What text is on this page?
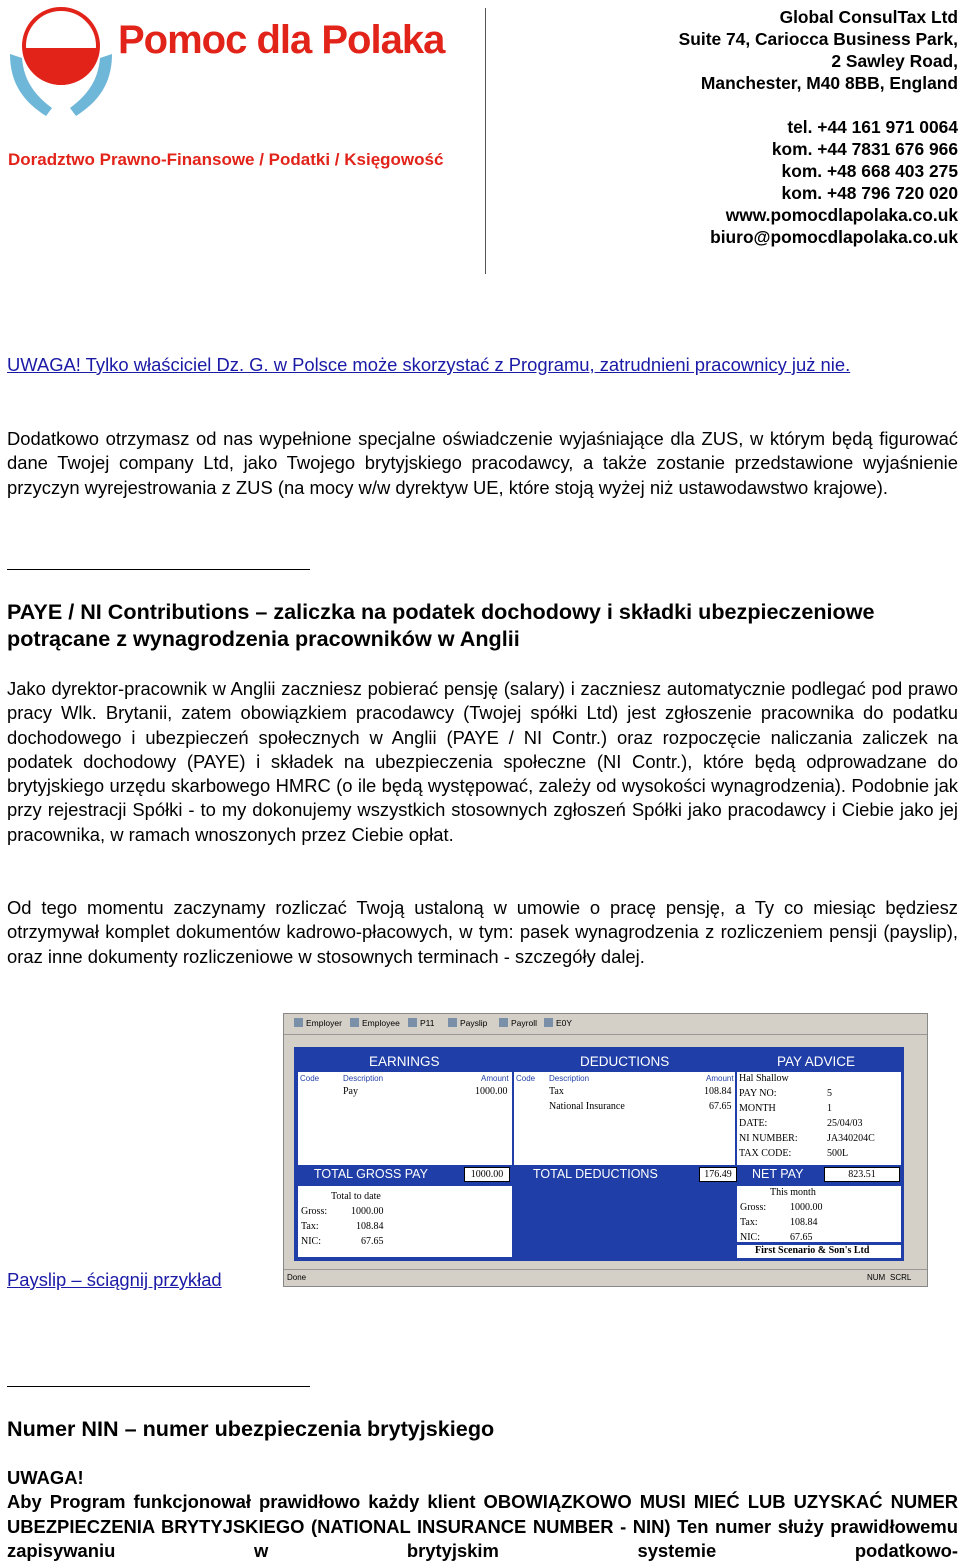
Pomoc dla Polaka
Doradztwo Prawno-Finansowe / Podatki / Księgowość
Global ConsulTax Ltd
Suite 74, Cariocca Business Park,
2 Sawley Road,
Manchester, M40 8BB, England
tel. +44 161 971 0064
kom. +44 7831 676 966
kom. +48 668 403 275
kom. +48 796 720 020
www.pomocdlapolaka.co.uk
biuro@pomocdlapolaka.co.uk
UWAGA! Tylko właściciel Dz. G. w Polsce może skorzystać z Programu, zatrudnieni pracownicy już nie.
Dodatkowo otrzymasz od nas wypełnione specjalne oświadczenie wyjaśniające dla ZUS, w którym będą figurować dane Twojej company Ltd, jako Twojego brytyjskiego pracodawcy, a także zostanie przedstawione wyjaśnienie przyczyn wyrejestrowania z ZUS (na mocy w/w dyrektyw UE, które stoją wyżej niż ustawodawstwo krajowe).
PAYE / NI Contributions – zaliczka na podatek dochodowy i składki ubezpieczeniowe potrącane z wynagrodzenia pracowników w Anglii
Jako dyrektor-pracownik w Anglii zaczniesz pobierać pensję (salary) i zaczniesz automatycznie podlegać pod prawo pracy Wlk. Brytanii, zatem obowiązkiem pracodawcy (Twojej spółki Ltd) jest zgłoszenie pracownika do podatku dochodowego i ubezpieczeń społecznych w Anglii (PAYE / NI Contr.) oraz rozpoczęcie naliczania zaliczek na podatek dochodowy (PAYE) i składek na ubezpieczenia społeczne (NI Contr.), które będą odprowadzane do brytyjskiego urzędu skarbowego HMRC (o ile będą występować, zależy od wysokości wynagrodzenia). Podobnie jak przy rejestracji Spółki - to my dokonujemy wszystkich stosownych zgłoszeń Spółki jako pracodawcy i Ciebie jako jej pracownika, w ramach wnoszonych przez Ciebie opłat.
Od tego momentu zaczynamy rozliczać Twoją ustaloną w umowie o pracę pensję, a Ty co miesiąc będziesz otrzymywał komplet dokumentów kadrowo-płacowych, w tym: pasek wynagrodzenia z rozliczeniem pensji (payslip), oraz inne dokumenty rozliczeniowe w stosownych terminach - szczegóły dalej.
Employer	Employee	P11	Payslip	Payroll	E0Y
EARNINGS	DEDUCTIONS	PAY ADVICE
Code	Description	Amount
Pay	1000.00
Code Description	Amount
Tax	108.84
National Insurance	67.65
Hal Shallow
PAY NO:	5
MONTH	1
DATE:	25/04/03
NI NUMBER:	JA340204C
TAX CODE:	500L
TOTAL GROSS PAY	1000.00	TOTAL DEDUCTIONS	176.49	NET PAY	823.51
Total to date
Gross: 1000.00
Tax:	108.84
NIC:	67.65
This month
Gross: 1000.00
Tax:	108.84
NIC:	67.65
First Scenario & Son's Ltd
Done	NUM SCRL
Payslip – ściągnij przykład
Numer NIN – numer ubezpieczenia brytyjskiego
UWAGA!
Aby Program funkcjonował prawidłowo każdy klient OBOWIĄZKOWO MUSI MIEĆ LUB UZYSKAĆ NUMER UBEZPIECZENIA BRYTYJSKIEGO (NATIONAL INSURANCE NUMBER - NIN) Ten numer służy prawidłowemu zapisywaniu w brytyjskim systemie podatkowo-
